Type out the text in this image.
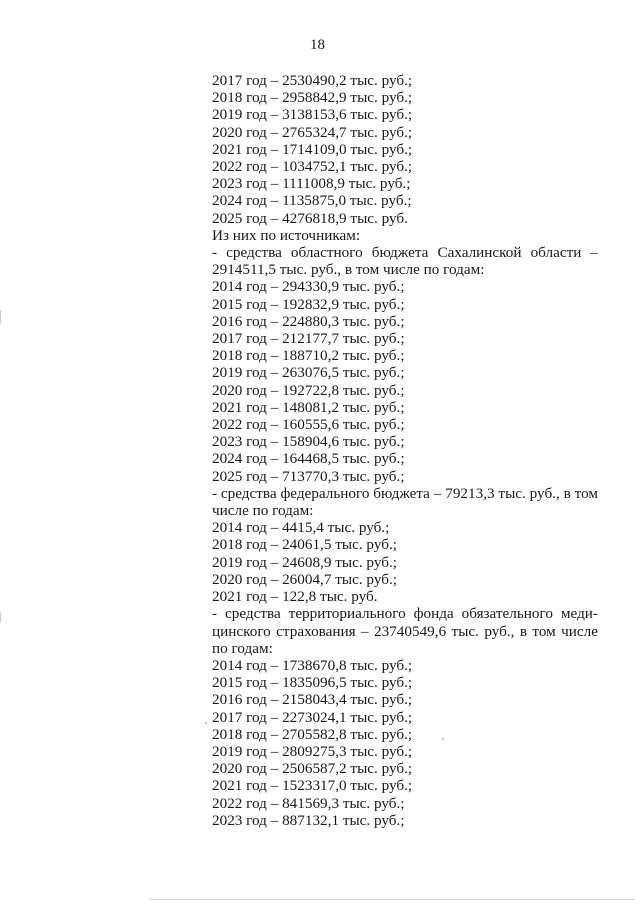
18
2017 год – 2530490,2 тыс. руб.;
2018 год – 2958842,9 тыс. руб.;
2019 год – 3138153,6 тыс. руб.;
2020 год – 2765324,7 тыс. руб.;
2021 год – 1714109,0 тыс. руб.;
2022 год – 1034752,1 тыс. руб.;
2023 год – 1111008,9 тыс. руб.;
2024 год – 1135875,0 тыс. руб.;
2025 год – 4276818,9 тыс. руб.
Из них по источникам:
- средства областного бюджета Сахалинской области –
2914511,5 тыс. руб., в том числе по годам:
2014 год – 294330,9 тыс. руб.;
2015 год – 192832,9 тыс. руб.;
2016 год – 224880,3 тыс. руб.;
2017 год – 212177,7 тыс. руб.;
2018 год – 188710,2 тыс. руб.;
2019 год – 263076,5 тыс. руб.;
2020 год – 192722,8 тыс. руб.;
2021 год – 148081,2 тыс. руб.;
2022 год – 160555,6 тыс. руб.;
2023 год – 158904,6 тыс. руб.;
2024 год – 164468,5 тыс. руб.;
2025 год – 713770,3 тыс. руб.;
- средства федерального бюджета – 79213,3 тыс. руб., в том
числе по годам:
2014 год – 4415,4 тыс. руб.;
2018 год – 24061,5 тыс. руб.;
2019 год – 24608,9 тыс. руб.;
2020 год – 26004,7 тыс. руб.;
2021 год – 122,8 тыс. руб.
- средства территориального фонда обязательного меди-
цинского страхования – 23740549,6 тыс. руб., в том числе
по годам:
2014 год – 1738670,8 тыс. руб.;
2015 год – 1835096,5 тыс. руб.;
2016 год – 2158043,4 тыс. руб.;
2017 год – 2273024,1 тыс. руб.;
2018 год – 2705582,8 тыс. руб.;
2019 год – 2809275,3 тыс. руб.;
2020 год – 2506587,2 тыс. руб.;
2021 год – 1523317,0 тыс. руб.;
2022 год – 841569,3 тыс. руб.;
2023 год – 887132,1 тыс. руб.;
